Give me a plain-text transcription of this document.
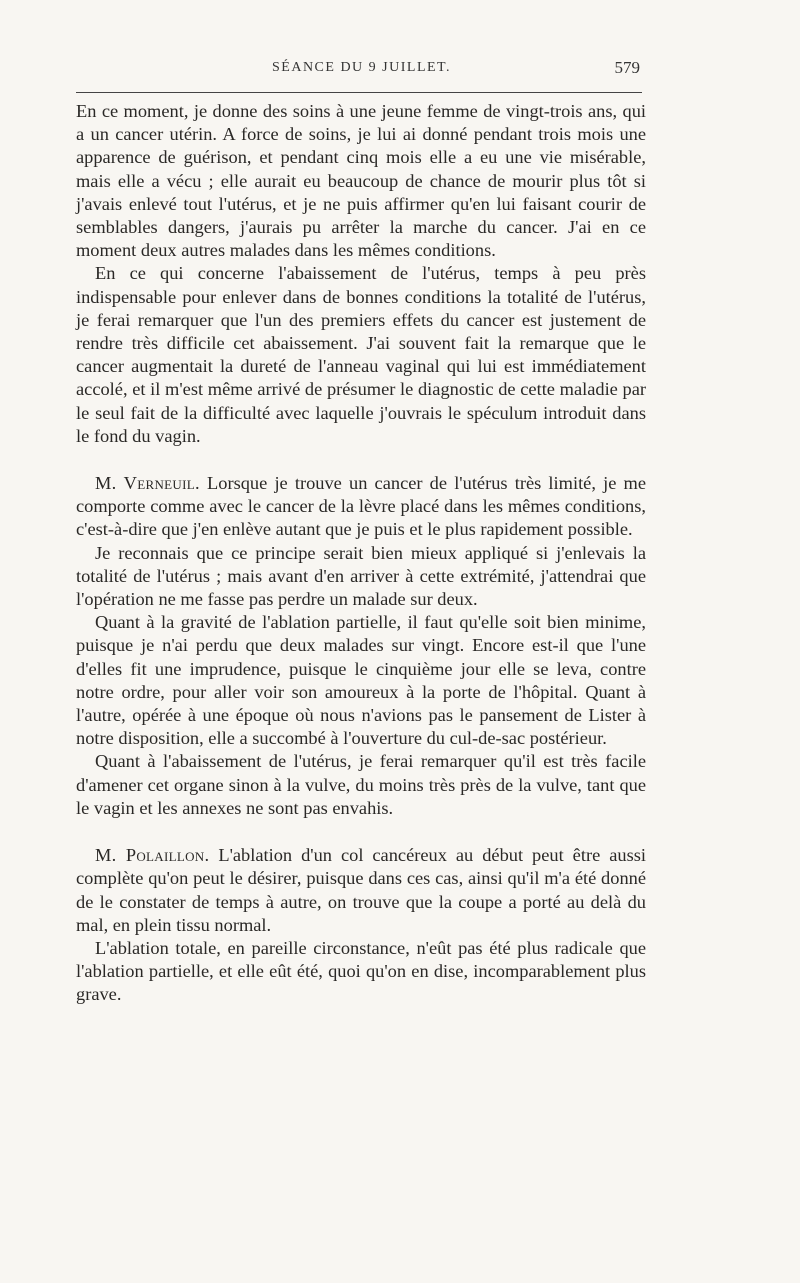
SÉANCE DU 9 JUILLET.	579

En ce moment, je donne des soins à une jeune femme de vingt-trois ans, qui a un cancer utérin. A force de soins, je lui ai donné pendant trois mois une apparence de guérison, et pendant cinq mois elle a eu une vie misérable, mais elle a vécu ; elle aurait eu beaucoup de chance de mourir plus tôt si j'avais enlevé tout l'utérus, et je ne puis affirmer qu'en lui faisant courir de semblables dangers, j'aurais pu arrêter la marche du cancer. J'ai en ce moment deux autres malades dans les mêmes conditions.

En ce qui concerne l'abaissement de l'utérus, temps à peu près indispensable pour enlever dans de bonnes conditions la totalité de l'utérus, je ferai remarquer que l'un des premiers effets du cancer est justement de rendre très difficile cet abaissement. J'ai souvent fait la remarque que le cancer augmentait la dureté de l'anneau vaginal qui lui est immédiatement accolé, et il m'est même arrivé de présumer le diagnostic de cette maladie par le seul fait de la difficulté avec laquelle j'ouvrais le spéculum introduit dans le fond du vagin.

M. Verneuil. Lorsque je trouve un cancer de l'utérus très limité, je me comporte comme avec le cancer de la lèvre placé dans les mêmes conditions, c'est-à-dire que j'en enlève autant que je puis et le plus rapidement possible.

Je reconnais que ce principe serait bien mieux appliqué si j'enlevais la totalité de l'utérus ; mais avant d'en arriver à cette extrémité, j'attendrai que l'opération ne me fasse pas perdre un malade sur deux.

Quant à la gravité de l'ablation partielle, il faut qu'elle soit bien minime, puisque je n'ai perdu que deux malades sur vingt. Encore est-il que l'une d'elles fit une imprudence, puisque le cinquième jour elle se leva, contre notre ordre, pour aller voir son amoureux à la porte de l'hôpital. Quant à l'autre, opérée à une époque où nous n'avions pas le pansement de Lister à notre disposition, elle a succombé à l'ouverture du cul-de-sac postérieur.

Quant à l'abaissement de l'utérus, je ferai remarquer qu'il est très facile d'amener cet organe sinon à la vulve, du moins très près de la vulve, tant que le vagin et les annexes ne sont pas envahis.

M. Polaillon. L'ablation d'un col cancéreux au début peut être aussi complète qu'on peut le désirer, puisque dans ces cas, ainsi qu'il m'a été donné de le constater de temps à autre, on trouve que la coupe a porté au delà du mal, en plein tissu normal.

L'ablation totale, en pareille circonstance, n'eût pas été plus radicale que l'ablation partielle, et elle eût été, quoi qu'on en dise, incomparablement plus grave.
